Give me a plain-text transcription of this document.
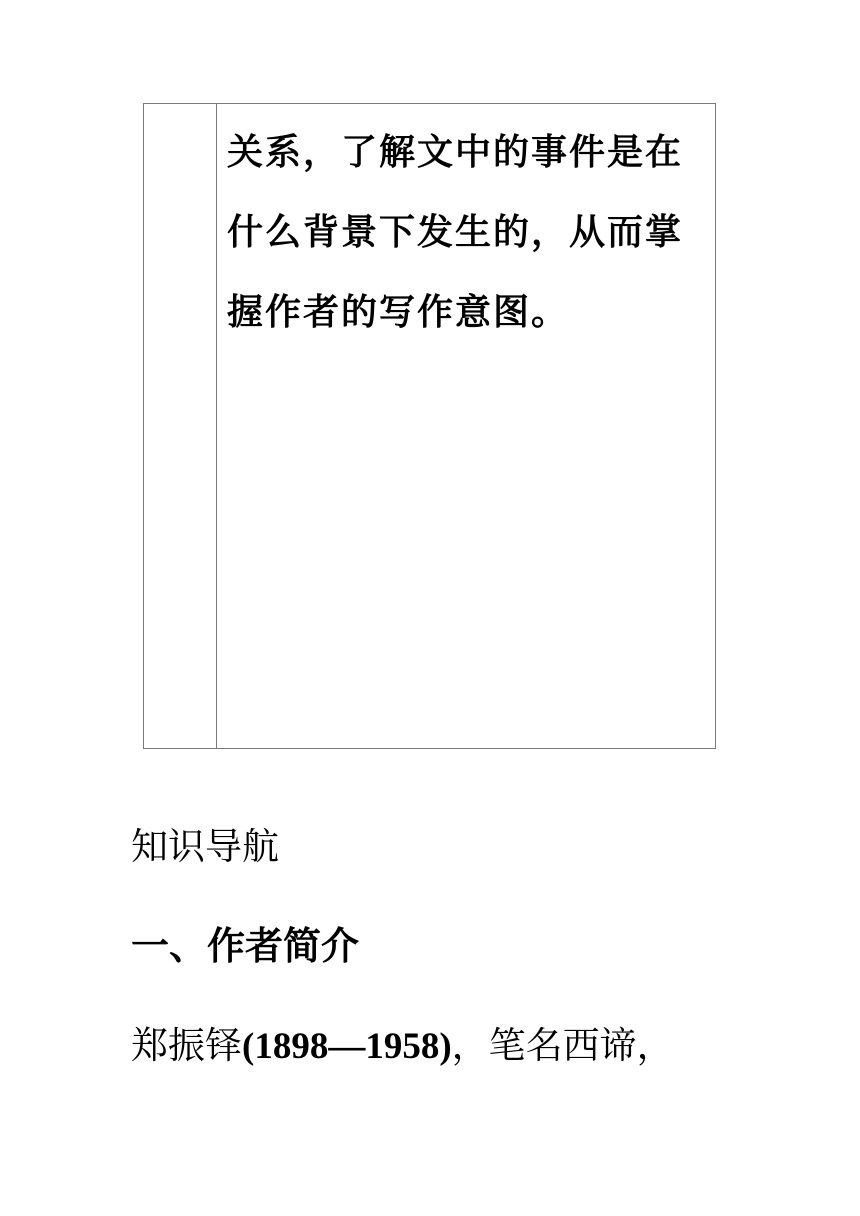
关系，了解文中的事件是在
什么背景下发生的，从而掌
握作者的写作意图。
知识导航
一、作者简介
郑振铎(1898—1958)，笔名西谛，
